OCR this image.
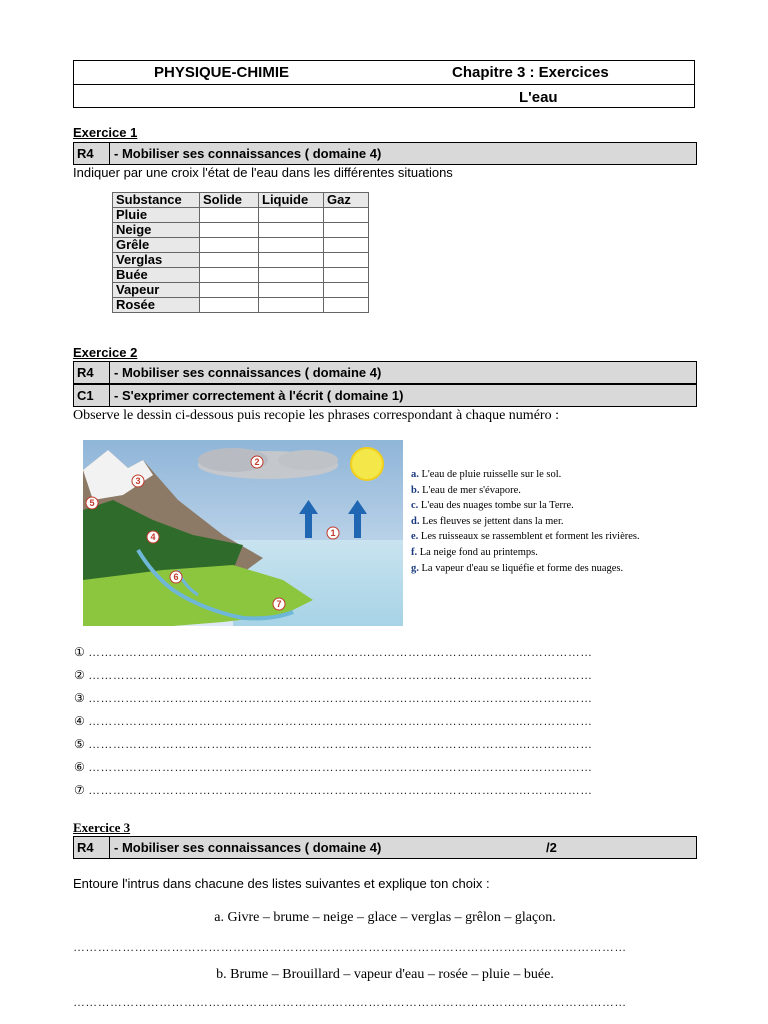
PHYSIQUE-CHIMIE	Chapitre 3 : Exercices
L'eau
Exercice 1
R4	- Mobiliser ses connaissances ( domaine 4)
Indiquer par une croix l'état de l'eau dans les différentes situations
Substance	Solide	Liquide	Gaz
Pluie			
Neige			
Grêle			
Verglas			
Buée			
Vapeur			
Rosée			
Exercice 2
R4	- Mobiliser ses connaissances ( domaine 4)
C1	- S'exprimer correctement à l'écrit ( domaine 1)
Observe le dessin ci-dessous puis recopie les phrases correspondant à chaque numéro :
1
2
3
4
5
6
7
a. L'eau de pluie ruisselle sur le sol.
b. L'eau de mer s'évapore.
c. L'eau des nuages tombe sur la Terre.
d. Les fleuves se jettent dans la mer.
e. Les ruisseaux se rassemblent et forment les rivières.
f. La neige fond au printemps.
g. La vapeur d'eau se liquéfie et forme des nuages.
① ……………………………………………………………………………………………………………
② ……………………………………………………………………………………………………………
③ ……………………………………………………………………………………………………………
④ ……………………………………………………………………………………………………………
⑤ ……………………………………………………………………………………………………………
⑥ ……………………………………………………………………………………………………………
⑦ ……………………………………………………………………………………………………………
Exercice 3
R4	- Mobiliser ses connaissances ( domaine 4)	/2
Entoure l'intrus dans chacune des listes suivantes et explique ton choix :
a. Givre – brume – neige – glace – verglas – grêlon – glaçon.
………………………………………………………………………………………………………………………
b. Brume – Brouillard – vapeur d'eau – rosée – pluie – buée.
………………………………………………………………………………………………………………………
